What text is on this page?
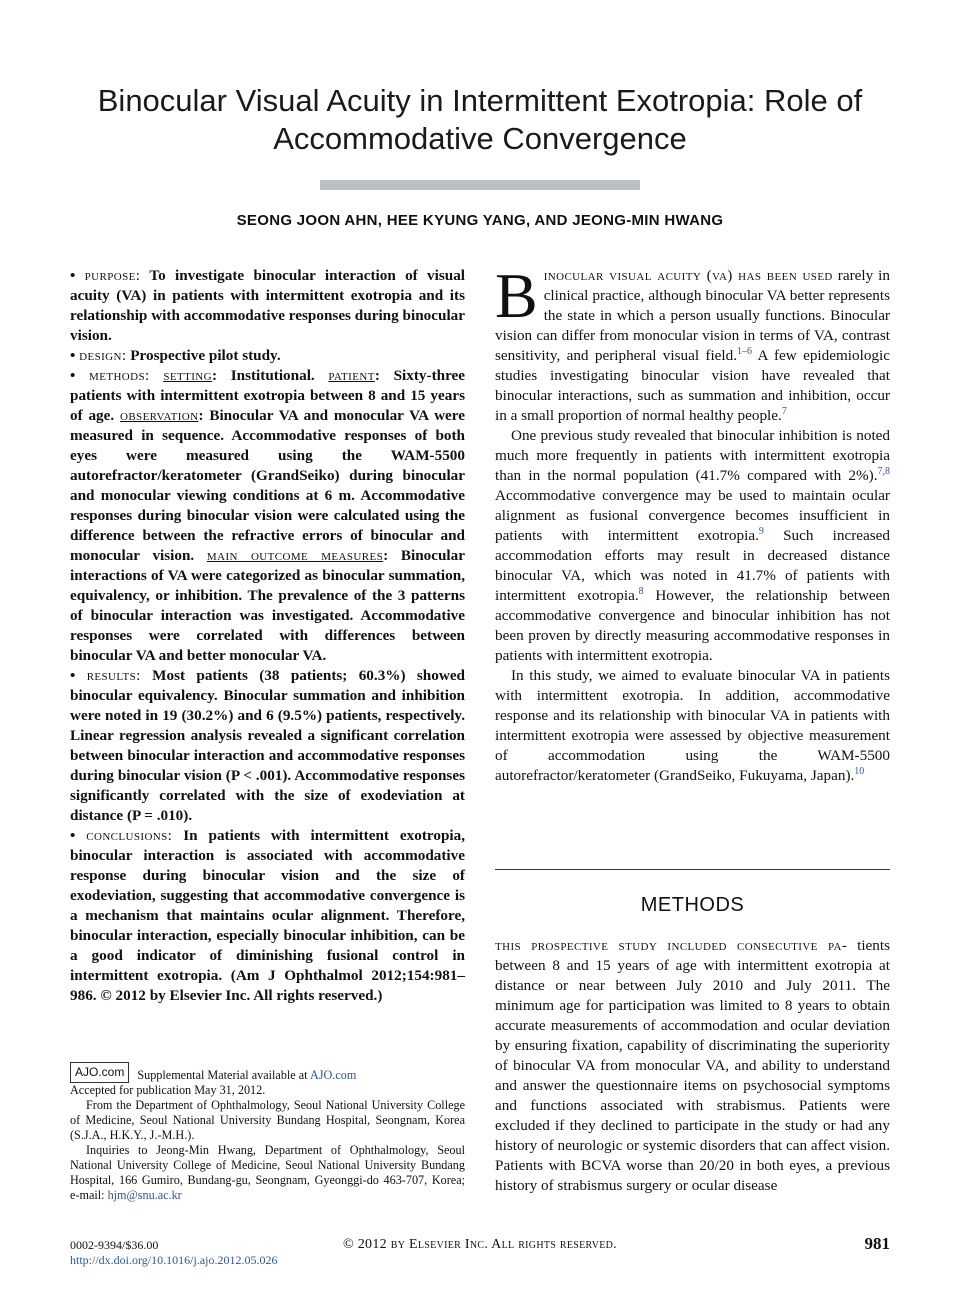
Binocular Visual Acuity in Intermittent Exotropia: Role of Accommodative Convergence
SEONG JOON AHN, HEE KYUNG YANG, AND JEONG-MIN HWANG

• purpose: To investigate binocular interaction of visual acuity (VA) in patients with intermittent exotropia and its relationship with accommodative responses during binocular vision.

• design: Prospective pilot study.

• methods: setting: Institutional. patient: Sixty-three patients with intermittent exotropia between 8 and 15 years of age. observation: Binocular VA and monocular VA were measured in sequence. Accommodative responses of both eyes were measured using the WAM-5500 autorefractor/keratometer (GrandSeiko) during binocular and monocular viewing conditions at 6 m. Accommodative responses during binocular vision were calculated using the difference between the refractive errors of binocular and monocular vision. main outcome measures: Binocular interactions of VA were categorized as binocular summation, equivalency, or inhibition. The prevalence of the 3 patterns of binocular interaction was investigated. Accommodative responses were correlated with differences between binocular VA and better monocular VA.

• results: Most patients (38 patients; 60.3%) showed binocular equivalency. Binocular summation and inhibition were noted in 19 (30.2%) and 6 (9.5%) patients, respectively. Linear regression analysis revealed a significant correlation between binocular interaction and accommodative responses during binocular vision (P < .001). Accommodative responses significantly correlated with the size of exodeviation at distance (P = .010).

• conclusions: In patients with intermittent exotropia, binocular interaction is associated with accommodative response during binocular vision and the size of exodeviation, suggesting that accommodative convergence is a mechanism that maintains ocular alignment. Therefore, binocular interaction, especially binocular inhibition, can be a good indicator of diminishing fusional control in intermittent exotropia. (Am J Ophthalmol 2012;154:981–986. © 2012 by Elsevier Inc. All rights reserved.)

Binocular visual acuity (va) has been used rarely in clinical practice, although binocular VA better represents the state in which a person usually functions. Binocular vision can differ from monocular vision in terms of VA, contrast sensitivity, and peripheral visual field.$^{1-6}$ A few epidemiologic studies investigating binocular vision have revealed that binocular interactions, such as summation and inhibition, occur in a small proportion of normal healthy people.$^7$

One previous study revealed that binocular inhibition is noted much more frequently in patients with intermittent exotropia than in the normal population (41.7% compared with 2%).$^{7,8}$ Accommodative convergence may be used to maintain ocular alignment as fusional convergence becomes insufficient in patients with intermittent exotropia.$^9$ Such increased accommodation efforts may result in decreased distance binocular VA, which was noted in 41.7% of patients with intermittent exotropia.$^8$ However, the relationship between accommodative convergence and binocular inhibition has not been proven by directly measuring accommodative responses in patients with intermittent exotropia.

In this study, we aimed to evaluate binocular VA in patients with intermittent exotropia. In addition, accommodative response and its relationship with binocular VA in patients with intermittent exotropia were assessed by objective measurement of accommodation using the WAM-5500 autorefractor/keratometer (GrandSeiko, Fukuyama, Japan).$^{10}$

METHODS
this prospective study included consecutive pa- tients between 8 and 15 years of age with intermittent exotropia at distance or near between July 2010 and July 2011. The minimum age for participation was limited to 8 years to obtain accurate measurements of accommodation and ocular deviation by ensuring fixation, capability of discriminating the superiority of binocular VA from monocular VA, and ability to understand and answer the questionnaire items on psychosocial symptoms and functions associated with strabismus. Patients were excluded if they declined to participate in the study or had any history of neurologic or systemic disorders that can affect vision. Patients with BCVA worse than 20/20 in both eyes, a previous history of strabismus surgery or ocular disease

AJO.com Supplemental Material available at AJO.com

Accepted for publication May 31, 2012.

From the Department of Ophthalmology, Seoul National University College of Medicine, Seoul National University Bundang Hospital, Seongnam, Korea (S.J.A., H.K.Y., J.-M.H.).

Inquiries to Jeong-Min Hwang, Department of Ophthalmology, Seoul National University College of Medicine, Seoul National University Bundang Hospital, 166 Gumiro, Bundang-gu, Seongnam, Gyeonggi-do 463-707, Korea; e-mail: hjm@snu.ac.kr

0002-9394/$36.00
http://dx.doi.org/10.1016/j.ajo.2012.05.026
© 2012 by Elsevier Inc. All rights reserved.	981
